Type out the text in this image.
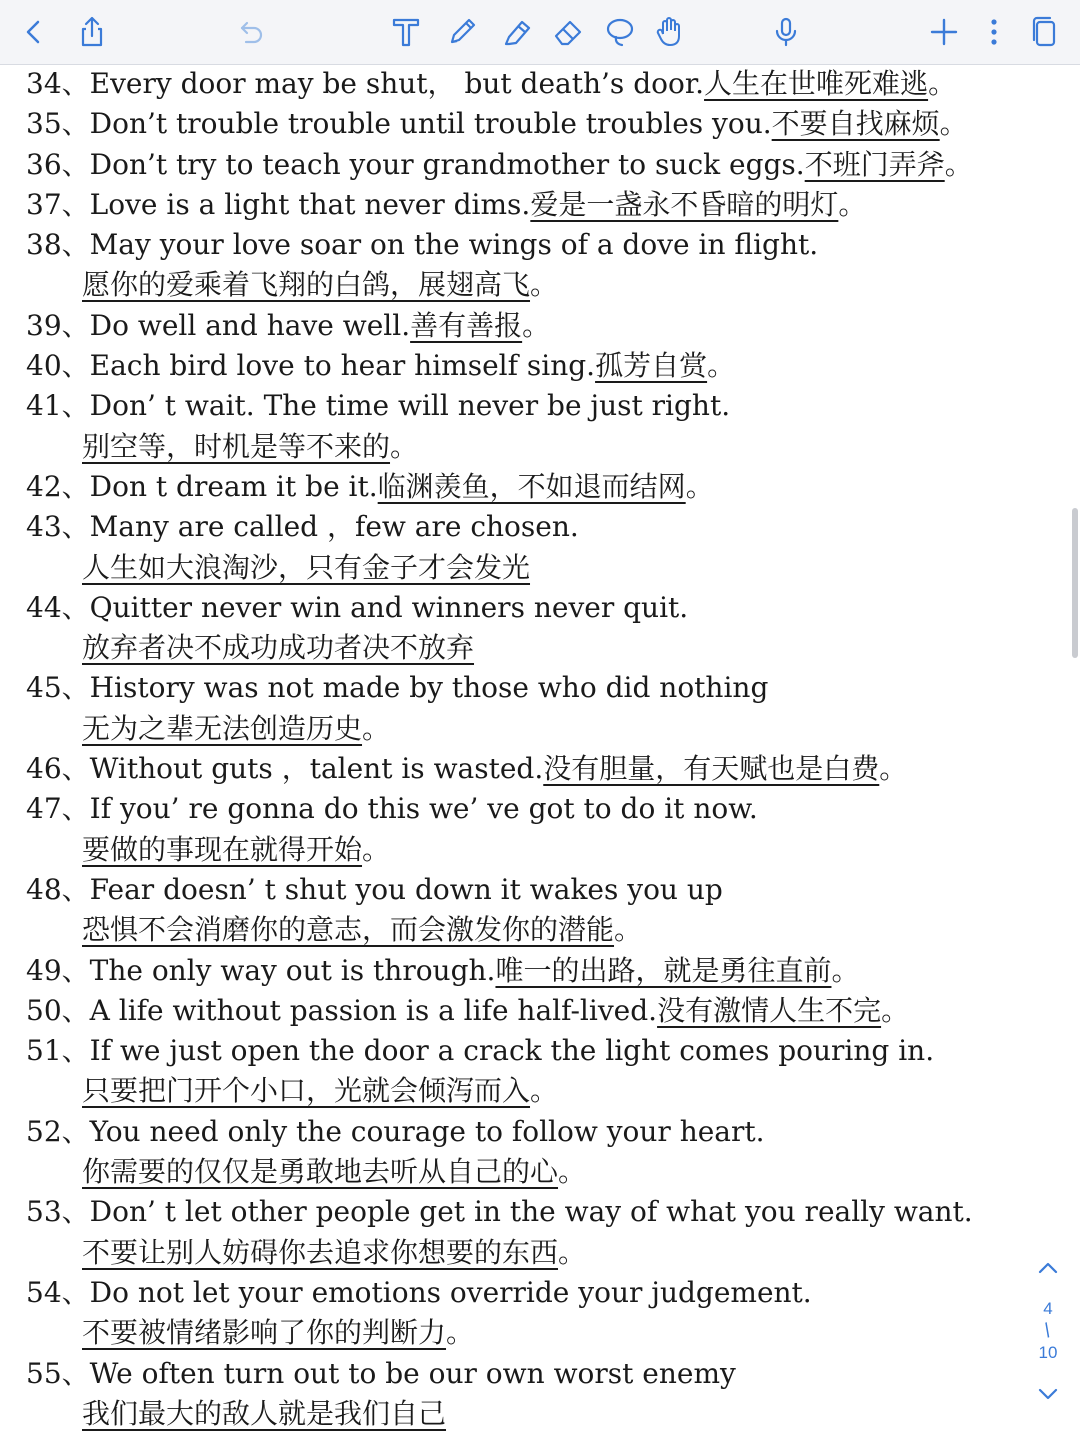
34、Every door may be shut， but death’s door.人生在世唯死难逃。
35、Don’t trouble trouble until trouble troubles you.不要自找麻烦。
36、Don’t try to teach your grandmother to suck eggs.不班门弄斧。
37、Love is a light that never dims.爱是一盏永不昏暗的明灯。
38、May your love soar on the wings of a dove in flight.
愿你的爱乘着飞翔的白鸽，展翅高飞。
39、Do well and have well.善有善报。
40、Each bird love to hear himself sing.孤芳自赏。
41、Don’ t wait. The time will never be just right.
别空等，时机是等不来的。
42、Don t dream it be it.临渊羡鱼，不如退而结网。
43、Many are called ，few are chosen.
人生如大浪淘沙，只有金子才会发光
44、Quitter never win and winners never quit.
放弃者决不成功成功者决不放弃
45、History was not made by those who did nothing
无为之辈无法创造历史。
46、Without guts ，talent is wasted.没有胆量，有天赋也是白费。
47、If you’ re gonna do this we’ ve got to do it now.
要做的事现在就得开始。
48、Fear doesn’ t shut you down it wakes you up
恐惧不会消磨你的意志，而会激发你的潜能。
49、The only way out is through.唯一的出路，就是勇往直前。
50、A life without passion is a life half-lived.没有激情人生不完。
51、If we just open the door a crack the light comes pouring in.
只要把门开个小口，光就会倾泻而入。
52、You need only the courage to follow your heart.
你需要的仅仅是勇敢地去听从自己的心。
53、Don’ t let other people get in the way of what you really want.
不要让别人妨碍你去追求你想要的东西。
54、Do not let your emotions override your judgement.
不要被情绪影响了你的判断力。
55、We often turn out to be our own worst enemy
我们最大的敌人就是我们自己
4
/
10
